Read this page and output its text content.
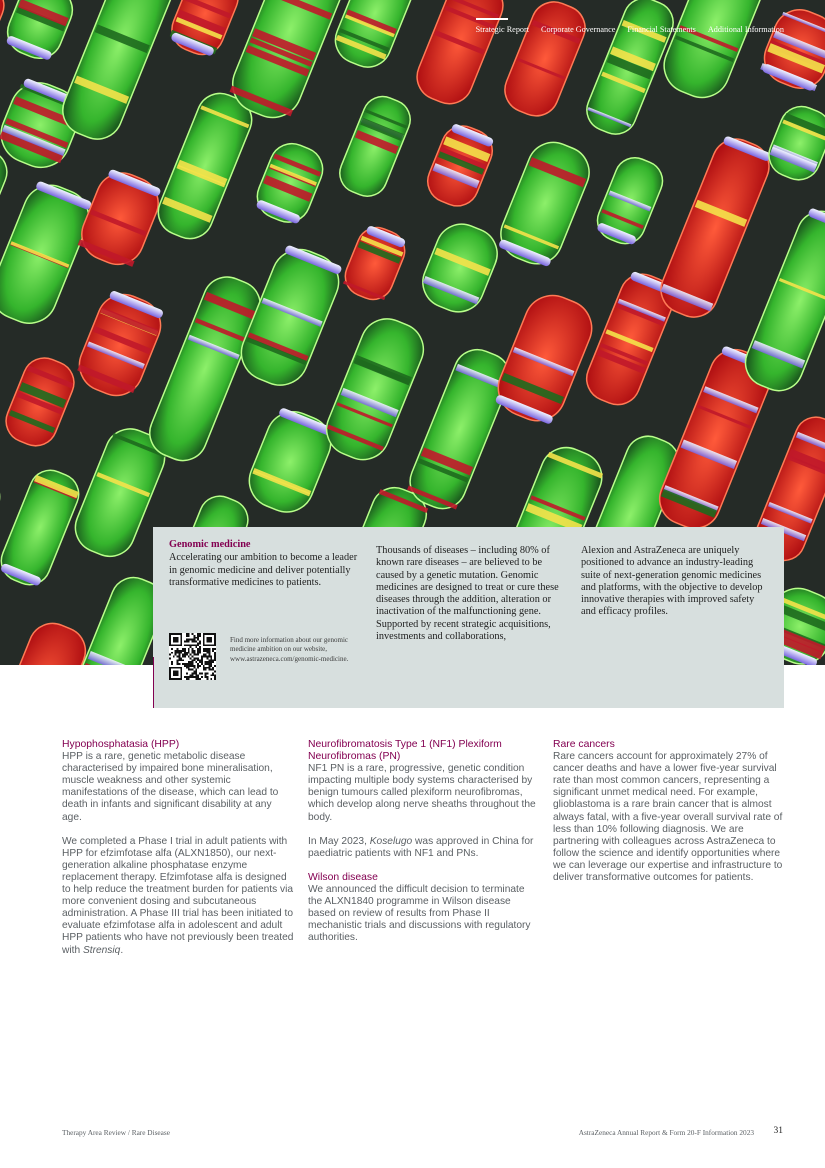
Strategic Report Corporate Governance Financial Statements Additional Information
Genomic medicine
Accelerating our ambition to become a leader in genomic medicine and deliver potentially transformative medicines to patients.
Find more information about our genomic medicine ambition on our website, www.astrazeneca.com/genomic-medicine.
Thousands of diseases – including 80% of known rare diseases – are believed to be caused by a genetic mutation. Genomic medicines are designed to treat or cure these diseases through the addition, alteration or inactivation of the malfunctioning gene. Supported by recent strategic acquisitions, investments and collaborations,
Alexion and AstraZeneca are uniquely positioned to advance an industry-leading suite of next-generation genomic medicines and platforms, with the objective to develop innovative therapies with improved safety and efficacy profiles.
Hypophosphatasia (HPP)

HPP is a rare, genetic metabolic disease characterised by impaired bone mineralisation, muscle weakness and other systemic manifestations of the disease, which can lead to death in infants and significant disability at any age.

We completed a Phase I trial in adult patients with HPP for efzimfotase alfa (ALXN1850), our next-generation alkaline phosphatase enzyme replacement therapy. Efzimfotase alfa is designed to help reduce the treatment burden for patients via more convenient dosing and subcutaneous administration. A Phase III trial has been initiated to evaluate efzimfotase alfa in adolescent and adult HPP patients who have not previously been treated with Strensiq.

Neurofibromatosis Type 1 (NF1) Plexiform Neurofibromas (PN)

NF1 PN is a rare, progressive, genetic condition impacting multiple body systems characterised by benign tumours called plexiform neurofibromas, which develop along nerve sheaths throughout the body.

In May 2023, Koselugo was approved in China for paediatric patients with NF1 and PNs.

Wilson disease

We announced the difficult decision to terminate the ALXN1840 programme in Wilson disease based on review of results from Phase II mechanistic trials and discussions with regulatory authorities.

Rare cancers

Rare cancers account for approximately 27% of cancer deaths and have a lower five-year survival rate than most common cancers, representing a significant unmet medical need. For example, glioblastoma is a rare brain cancer that is almost always fatal, with a five-year overall survival rate of less than 10% following diagnosis. We are partnering with colleagues across AstraZeneca to follow the science and identify opportunities where we can leverage our expertise and infrastructure to deliver transformative outcomes for patients.

Therapy Area Review / Rare Disease	AstraZeneca Annual Report & Form 20-F Information 2023 31
